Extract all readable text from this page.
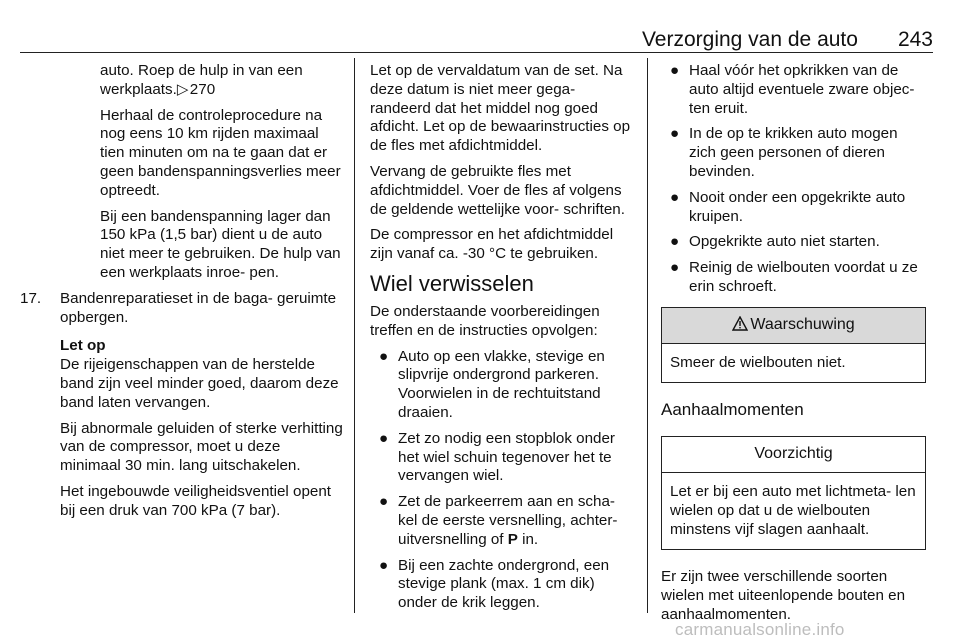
Verzorging van de auto 243

auto. Roep de hulp in van een werkplaats.▷ 270

Herhaal de controleprocedure na nog eens 10 km rijden maximaal tien minuten om na te gaan dat er geen bandenspanningsverlies meer optreedt.

Bij een bandenspanning lager dan 150 kPa (1,5 bar) dient u de auto niet meer te gebruiken. De hulp van een werkplaats inroe‐ pen.

17. Bandenreparatieset in de baga‐ geruimte opbergen.

Let op
De rijeigenschappen van de herstelde band zijn veel minder goed, daarom deze band laten vervangen.

Bij abnormale geluiden of sterke verhitting van de compressor, moet u deze minimaal 30 min. lang uitschakelen.

Het ingebouwde veiligheidsventiel opent bij een druk van 700 kPa (7 bar).

Let op de vervaldatum van de set. Na deze datum is niet meer gega‐ randeerd dat het middel nog goed afdicht. Let op de bewaarinstructies op de fles met afdichtmiddel.

Vervang de gebruikte fles met afdichtmiddel. Voer de fles af volgens de geldende wettelijke voor‐ schriften.

De compressor en het afdichtmiddel zijn vanaf ca. -30 °C te gebruiken.

Wiel verwisselen

De onderstaande voorbereidingen treffen en de instructies opvolgen:

● Auto op een vlakke, stevige en slipvrije ondergrond parkeren. Voorwielen in de rechtuitstand draaien.
● Zet zo nodig een stopblok onder het wiel schuin tegenover het te vervangen wiel.
● Zet de parkeerrem aan en scha‐ kel de eerste versnelling, achter‐ uitversnelling of P in.
● Bij een zachte ondergrond, een stevige plank (max. 1 cm dik) onder de krik leggen.
● Haal vóór het opkrikken van de auto altijd eventuele zware objec‐ ten eruit.
● In de op te krikken auto mogen zich geen personen of dieren bevinden.
● Nooit onder een opgekrikte auto kruipen.
● Opgekrikte auto niet starten.
● Reinig de wielbouten voordat u ze erin schroeft.
Waarschuwing
Smeer de wielbouten niet.
Aanhaalmomenten
Voorzichtig
Let er bij een auto met lichtmeta‐ len wielen op dat u de wielbouten minstens vijf slagen aanhaalt.

Er zijn twee verschillende soorten wielen met uiteenlopende bouten en aanhaalmomenten.

carmanualsonline.info
